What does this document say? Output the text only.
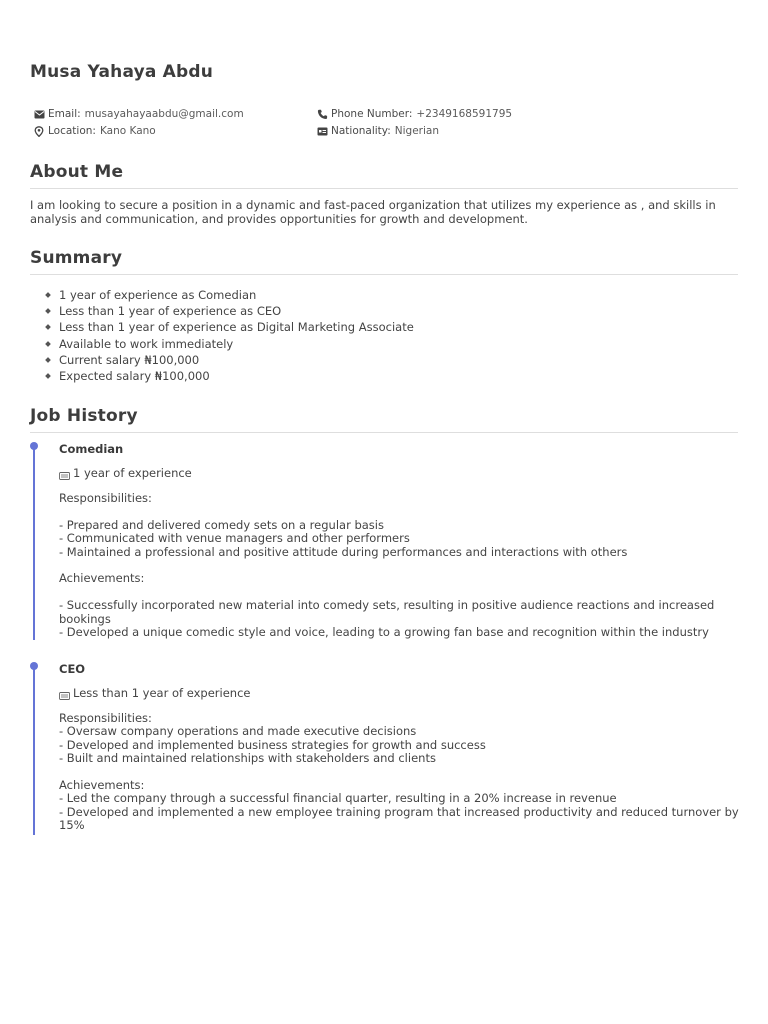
Musa Yahaya Abdu
Email: musayahayaabdu@gmail.com
Location: Kano Kano
Phone Number: +2349168591795
Nationality: Nigerian
About Me

I am looking to secure a position in a dynamic and fast-paced organization that utilizes my experience as , and skills in analysis and communication, and provides opportunities for growth and development.

Summary
1 year of experience as Comedian
Less than 1 year of experience as CEO
Less than 1 year of experience as Digital Marketing Associate
Available to work immediately
Current salary ₦100,000
Expected salary ₦100,000
Job History
Comedian
1 year of experience
Responsibilities:
- Prepared and delivered comedy sets on a regular basis
- Communicated with venue managers and other performers
- Maintained a professional and positive attitude during performances and interactions with others
Achievements:
- Successfully incorporated new material into comedy sets, resulting in positive audience reactions and increased bookings
- Developed a unique comedic style and voice, leading to a growing fan base and recognition within the industry
CEO
Less than 1 year of experience
Responsibilities:
- Oversaw company operations and made executive decisions
- Developed and implemented business strategies for growth and success
- Built and maintained relationships with stakeholders and clients
Achievements:
- Led the company through a successful financial quarter, resulting in a 20% increase in revenue
- Developed and implemented a new employee training program that increased productivity and reduced turnover by 15%
